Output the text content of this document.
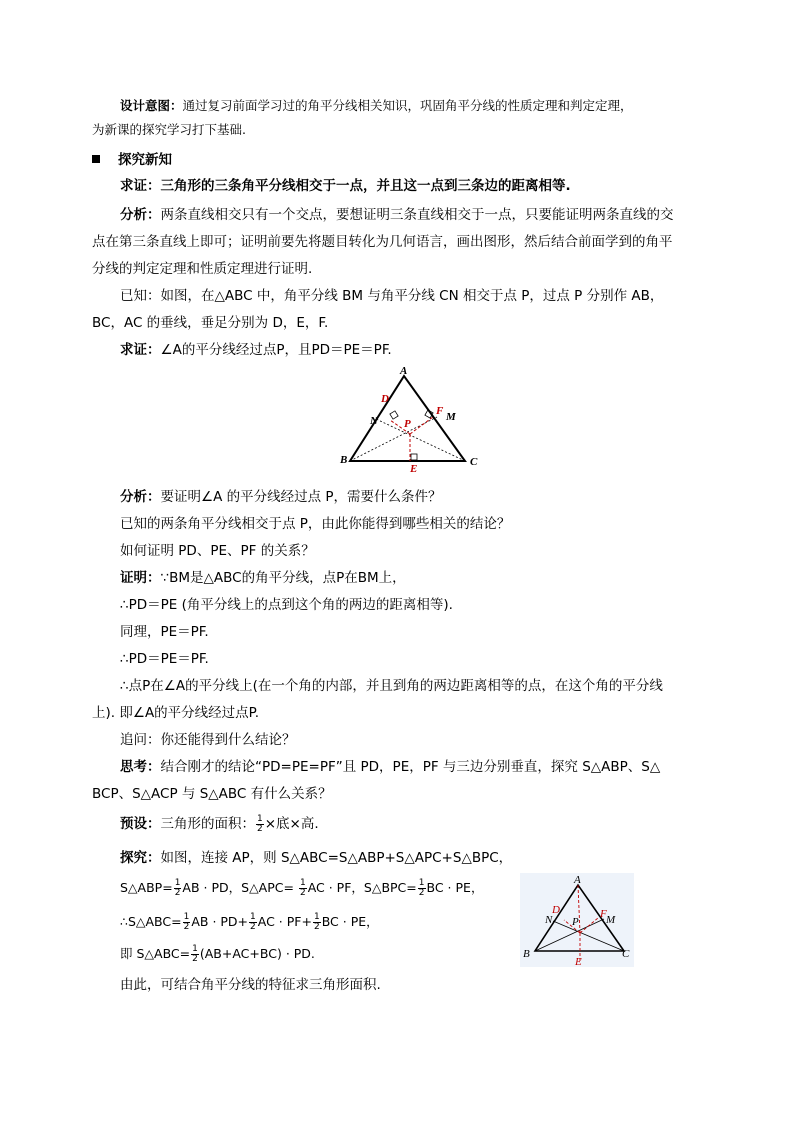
设计意图：通过复习前面学习过的角平分线相关知识，巩固角平分线的性质定理和判定定理，
为新课的探究学习打下基础.
探究新知
求证：三角形的三条角平分线相交于一点，并且这一点到三条边的距离相等.
分析：两条直线相交只有一个交点，要想证明三条直线相交于一点，只要能证明两条直线的交
点在第三条直线上即可；证明前要先将题目转化为几何语言，画出图形，然后结合前面学到的角平
分线的判定定理和性质定理进行证明.
已知：如图，在△ABC 中，角平分线 BM 与角平分线 CN 相交于点 P，过点 P 分别作 AB，
BC，AC 的垂线，垂足分别为 D，E，F.
求证：∠A的平分线经过点P，且PD＝PE＝PF.
A
B	C
D
N
F M
P
E
分析：要证明∠A 的平分线经过点 P，需要什么条件？
已知的两条角平分线相交于点 P，由此你能得到哪些相关的结论？
如何证明 PD、PE、PF 的关系？
证明：∵BM是△ABC的角平分线，点P在BM上，
∴PD＝PE (角平分线上的点到这个角的两边的距离相等).
同理，PE＝PF.
∴PD＝PE＝PF.
∴点P在∠A的平分线上(在一个角的内部，并且到角的两边距离相等的点，在这个角的平分线
上). 即∠A的平分线经过点P.
追问：你还能得到什么结论？
思考：结合刚才的结论“PD=PE=PF”且 PD，PE，PF 与三边分别垂直，探究 S△ABP、S△
BCP、S△ACP 与 S△ABC 有什么关系？
预设：三角形的面积： $\frac{1}{2}$ ×底×高.
探究：如图，连接 AP，则 S△ABC=S△ABP+S△APC+S△BPC，
S△ABP= $\frac{1}{2}$ AB · PD，S△APC= $\frac{1}{2}$ AC · PF，S△BPC= $\frac{1}{2}$ BC · PE，
∴S△ABC= $\frac{1}{2}$ AB · $PD+ \frac{1}{2}$ AC · $PF+ \frac{1}{2}$ BC · PE，
即 S△ABC= $\frac{1}{2} (AB+AC+BC)$ · PD.
由此，可结合角平分线的特征求三角形面积.
A
B	C
D
N	F M
P
E
